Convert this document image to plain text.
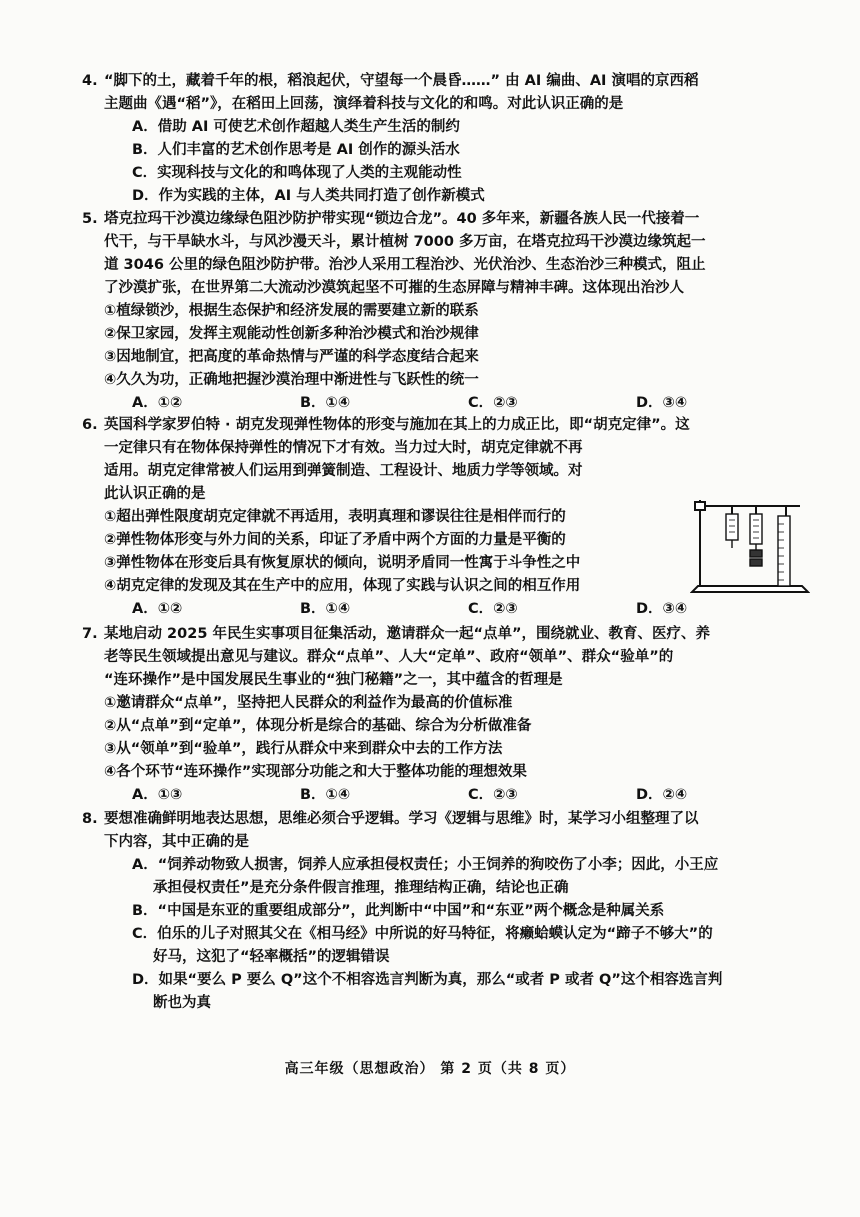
4. “脚下的土，藏着千年的根，稻浪起伏，守望每一个晨昏……” 由 AI 编曲、AI 演唱的京西稻
主题曲《遇“稻”》，在稻田上回荡，演绎着科技与文化的和鸣。对此认识正确的是
A．借助 AI 可使艺术创作超越人类生产生活的制约
B．人们丰富的艺术创作思考是 AI 创作的源头活水
C．实现科技与文化的和鸣体现了人类的主观能动性
D．作为实践的主体，AI 与人类共同打造了创作新模式
5. 塔克拉玛干沙漠边缘绿色阻沙防护带实现“锁边合龙”。40 多年来，新疆各族人民一代接着一
代干，与干旱缺水斗，与风沙漫天斗，累计植树 7000 多万亩，在塔克拉玛干沙漠边缘筑起一
道 3046 公里的绿色阻沙防护带。治沙人采用工程治沙、光伏治沙、生态治沙三种模式，阻止
了沙漠扩张，在世界第二大流动沙漠筑起坚不可摧的生态屏障与精神丰碑。这体现出治沙人
①植绿锁沙，根据生态保护和经济发展的需要建立新的联系
②保卫家园，发挥主观能动性创新多种治沙模式和治沙规律
③因地制宜，把高度的革命热情与严谨的科学态度结合起来
④久久为功，正确地把握沙漠治理中渐进性与飞跃性的统一
A．①②	B．①④	C．②③	D．③④
6. 英国科学家罗伯特 · 胡克发现弹性物体的形变与施加在其上的力成正比，即“胡克定律”。这
一定律只有在物体保持弹性的情况下才有效。当力过大时，胡克定律就不再
适用。胡克定律常被人们运用到弹簧制造、工程设计、地质力学等领域。对
此认识正确的是
①超出弹性限度胡克定律就不再适用，表明真理和谬误往往是相伴而行的
②弹性物体形变与外力间的关系，印证了矛盾中两个方面的力量是平衡的
③弹性物体在形变后具有恢复原状的倾向，说明矛盾同一性寓于斗争性之中
④胡克定律的发现及其在生产中的应用，体现了实践与认识之间的相互作用
A．①②	B．①④	C．②③	D．③④
7. 某地启动 2025 年民生实事项目征集活动，邀请群众一起“点单”，围绕就业、教育、医疗、养
老等民生领域提出意见与建议。群众“点单”、人大“定单”、政府“领单”、群众“验单”的
“连环操作”是中国发展民生事业的“独门秘籍”之一，其中蕴含的哲理是
①邀请群众“点单”，坚持把人民群众的利益作为最高的价值标准
②从“点单”到“定单”，体现分析是综合的基础、综合为分析做准备
③从“领单”到“验单”，践行从群众中来到群众中去的工作方法
④各个环节“连环操作”实现部分功能之和大于整体功能的理想效果
A．①③	B．①④	C．②③	D．②④
8. 要想准确鲜明地表达思想，思维必须合乎逻辑。学习《逻辑与思维》时，某学习小组整理了以
下内容，其中正确的是
A．“饲养动物致人损害，饲养人应承担侵权责任；小王饲养的狗咬伤了小李；因此，小王应
承担侵权责任”是充分条件假言推理，推理结构正确，结论也正确
B．“中国是东亚的重要组成部分”，此判断中“中国”和“东亚”两个概念是种属关系
C．伯乐的儿子对照其父在《相马经》中所说的好马特征，将癞蛤蟆认定为“蹄子不够大”的
好马，这犯了“轻率概括”的逻辑错误
D．如果“要么 P 要么 Q”这个不相容选言判断为真，那么“或者 P 或者 Q”这个相容选言判
断也为真
高三年级（思想政治） 第 2 页（共 8 页）
